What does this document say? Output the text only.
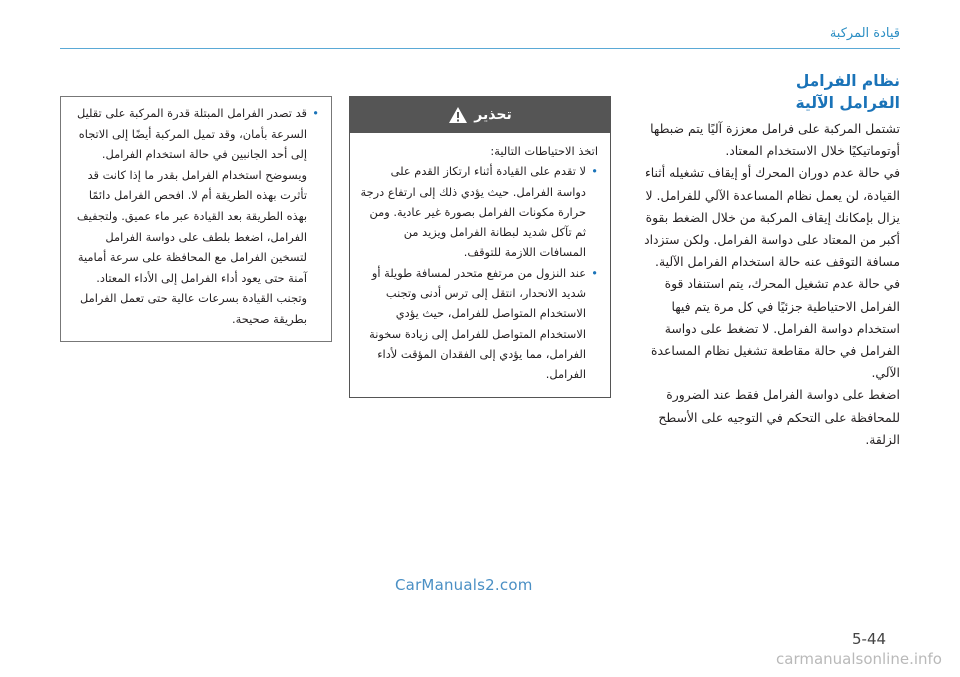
قيادة المركبة
نظام الفرامل
الفرامل الآلية

تشتمل المركبة على فرامل معززة آليًا يتم ضبطها أوتوماتيكيًا خلال الاستخدام المعتاد.

في حالة عدم دوران المحرك أو إيقاف تشغيله أثناء القيادة، لن يعمل نظام المساعدة الآلي للفرامل. لا يزال بإمكانك إيقاف المركبة من خلال الضغط بقوة أكبر من المعتاد على دواسة الفرامل. ولكن ستزداد مسافة التوقف عنه حالة استخدام الفرامل الآلية.

في حالة عدم تشغيل المحرك، يتم استنفاد قوة الفرامل الاحتياطية جزئيًا في كل مرة يتم فيها استخدام دواسة الفرامل. لا تضغط على دواسة الفرامل في حالة مقاطعة تشغيل نظام المساعدة الآلي.

اضغط على دواسة الفرامل فقط عند الضرورة للمحافظة على التحكم في التوجيه على الأسطح الزلقة.

تحذير

اتخذ الاحتياطات التالية:

• لا تقدم على القيادة أثناء ارتكاز القدم على دواسة الفرامل. حيث يؤدي ذلك إلى ارتفاع درجة حرارة مكونات الفرامل بصورة غير عادية. ومن ثم تآكل شديد لبطانة الفرامل ويزيد من المسافات اللازمة للتوقف.
• عند النزول من مرتفع متحدر لمسافة طويلة أو شديد الانحدار، انتقل إلى ترس أدنى وتجنب الاستخدام المتواصل للفرامل، حيث يؤدي الاستخدام المتواصل للفرامل إلى زيادة سخونة الفرامل، مما يؤدي إلى الفقدان المؤقت لأداء الفرامل.
• قد تصدر الفرامل المبتلة قدرة المركبة على تقليل السرعة بأمان، وقد تميل المركبة أيضًا إلى الاتجاه إلى أحد الجانبين في حالة استخدام الفرامل. ويسوضح استخدام الفرامل بقدر ما إذا كانت قد تأثرت بهذه الطريقة أم لا. افحص الفرامل دائمًا بهذه الطريقة بعد القيادة عبر ماء عميق. ولتجفيف الفرامل، اضغط بلطف على دواسة الفرامل لتسخين الفرامل مع المحافظة على سرعة أمامية آمنة حتى يعود أداء الفرامل إلى الأداء المعتاد. وتجنب القيادة بسرعات عالية حتى تعمل الفرامل بطريقة صحيحة.
CarManuals2.com
5-44
carmanualsonline.info
